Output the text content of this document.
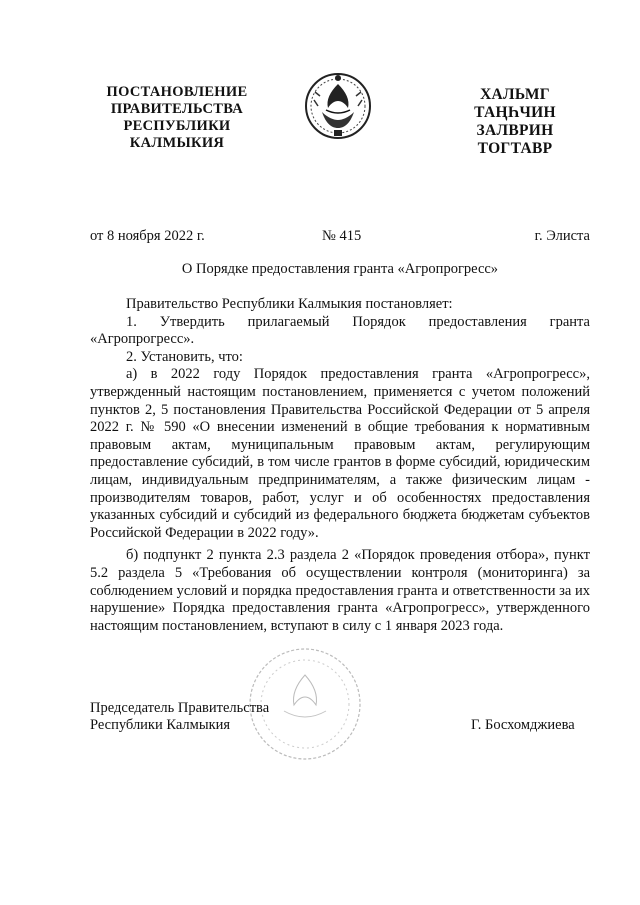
ПОСТАНОВЛЕНИЕ
ПРАВИТЕЛЬСТВА
РЕСПУБЛИКИ
КАЛМЫКИЯ
ХАЛЬМГ
ТАҢҺЧИН
ЗАЛВРИН
ТОГТАВР
от 8 ноября 2022 г.	№ 415	г. Элиста
О Порядке предоставления гранта «Агропрогресс»

Правительство Республики Калмыкия постановляет:

1. Утвердить прилагаемый Порядок предоставления гранта «Агропрогресс».

2. Установить, что:

а) в 2022 году Порядок предоставления гранта «Агропрогресс», утвержденный настоящим постановлением, применяется с учетом положений пунктов 2, 5 постановления Правительства Российской Федерации от 5 апреля 2022 г. № 590 «О внесении изменений в общие требования к нормативным правовым актам, муниципальным правовым актам, регулирующим предоставление субсидий, в том числе грантов в форме субсидий, юридическим лицам, индивидуальным предпринимателям, а также физическим лицам - производителям товаров, работ, услуг и об особенностях предоставления указанных субсидий и субсидий из федерального бюджета бюджетам субъектов Российской Федерации в 2022 году».

б) подпункт 2 пункта 2.3 раздела 2 «Порядок проведения отбора», пункт 5.2 раздела 5 «Требования об осуществлении контроля (мониторинга) за соблюдением условий и порядка предоставления гранта и ответственности за их нарушение» Порядка предоставления гранта «Агропрогресс», утвержденного настоящим постановлением, вступают в силу с 1 января 2023 года.

Председатель Правительства
Республики Калмыкия	Г. Босхомджиева
